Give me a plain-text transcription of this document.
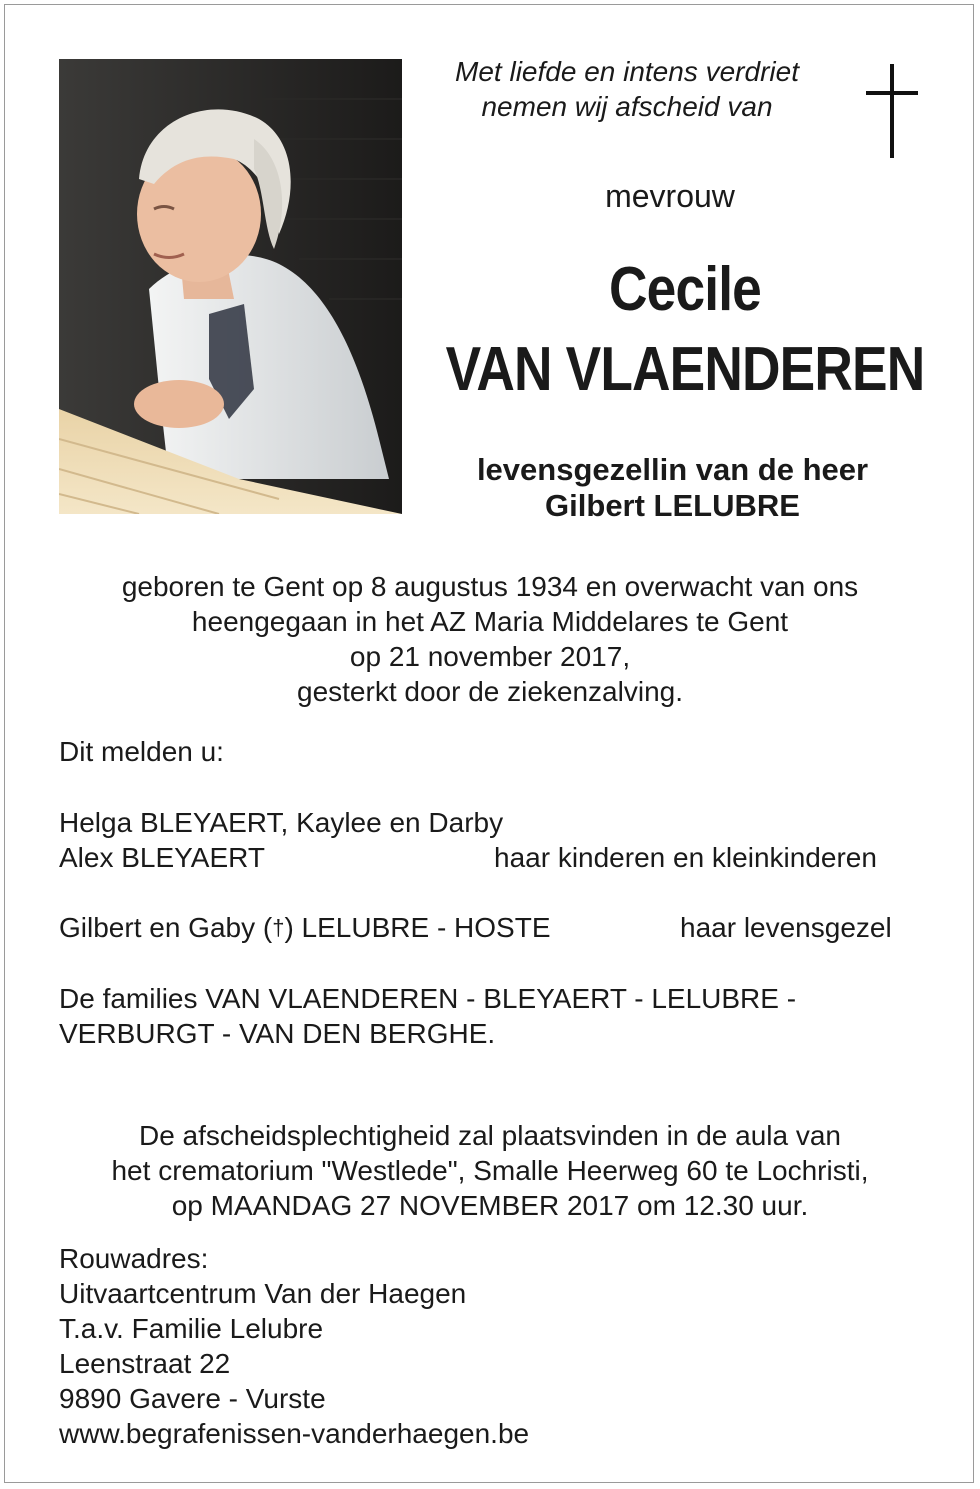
Met liefde en intens verdriet
nemen wij afscheid van
mevrouw
Cecile
VAN VLAENDEREN
levensgezellin van de heer
Gilbert LELUBRE
geboren te Gent op 8 augustus 1934 en overwacht van ons
heengegaan in het AZ Maria Middelares te Gent
op 21 november 2017,
gesterkt door de ziekenzalving.
Dit melden u:
Helga BLEYAERT, Kaylee en Darby
Alex BLEYAERT	haar kinderen en kleinkinderen
Gilbert en Gaby (†) LELUBRE - HOSTE	haar levensgezel
De families VAN VLAENDEREN - BLEYAERT - LELUBRE -
VERBURGT - VAN DEN BERGHE.
De afscheidsplechtigheid zal plaatsvinden in de aula van
het crematorium "Westlede", Smalle Heerweg 60 te Lochristi,
op MAANDAG 27 NOVEMBER 2017 om 12.30 uur.
Rouwadres:
Uitvaartcentrum Van der Haegen
T.a.v. Familie Lelubre
Leenstraat 22
9890 Gavere - Vurste
www.begrafenissen-vanderhaegen.be
